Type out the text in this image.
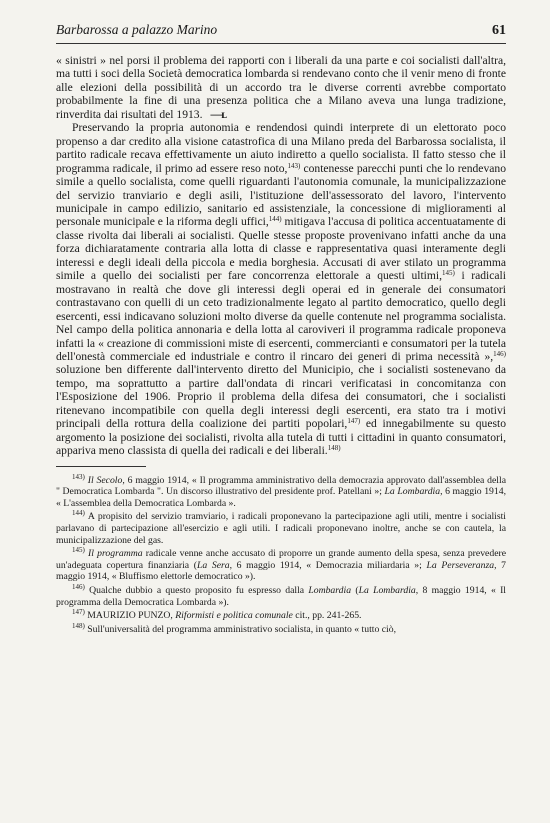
Barbarossa a palazzo Marino	61

« sinistri » nel porsi il problema dei rapporti con i liberali da una parte e coi socialisti dall'altra, ma tutti i soci della Società democratica lombarda si rendevano conto che il venir meno di fronte alle elezioni della possibilità di un accordo tra le diverse correnti avrebbe comportato probabilmente la fine di una presenza politica che a Milano aveva una lunga tradizione, rinverdita dai risultati del 1913. —ʟ

Preservando la propria autonomia e rendendosi quindi interprete di un elettorato poco propenso a dar credito alla visione catastrofica di una Milano preda del Barbarossa socialista, il partito radicale recava effettivamente un aiuto indiretto a quello socialista. Il fatto stesso che il programma radicale, il primo ad essere reso noto,$^{143)}$ contenesse parecchi punti che lo rendevano simile a quello socialista, come quelli riguardanti l'autonomia comunale, la municipalizzazione del servizio tranviario e degli asili, l'istituzione dell'assessorato del lavoro, l'intervento municipale in campo edilizio, sanitario ed assistenziale, la concessione di miglioramenti al personale municipale e la riforma degli uffici,$^{144)}$ mitigava l'accusa di politica accentuatamente di classe rivolta dai liberali ai socialisti. Quelle stesse proposte provenivano infatti anche da una forza dichiaratamente contraria alla lotta di classe e rappresentativa quasi interamente degli interessi e degli ideali della piccola e media borghesia. Accusati di aver stilato un programma simile a quello dei socialisti per fare concorrenza elettorale a questi ultimi,$^{145)}$ i radicali mostravano in realtà che dove gli interessi degli operai ed in generale dei consumatori contrastavano con quelli di un ceto tradizionalmente legato al partito democratico, quello degli esercenti, essi indicavano soluzioni molto diverse da quelle contenute nel programma socialista. Nel campo della politica annonaria e della lotta al caroviveri il programma radicale proponeva infatti la « creazione di commissioni miste di esercenti, commercianti e consumatori per la tutela dell'onestà commerciale ed industriale e contro il rincaro dei generi di prima necessità »,$^{146)}$ soluzione ben differente dall'intervento diretto del Municipio, che i socialisti sostenevano da tempo, ma soprattutto a partire dall'ondata di rincari verificatasi in concomitanza con l'Esposizione del 1906. Proprio il problema della difesa dei consumatori, che i socialisti ritenevano incompatibile con quella degli interessi degli esercenti, era stato tra i motivi principali della rottura della coalizione dei partiti popolari,$^{147)}$ ed innegabilmente su questo argomento la posizione dei socialisti, rivolta alla tutela di tutti i cittadini in quanto consumatori, appariva meno classista di quella dei radicali e dei liberali.$^{148)}$

$^{143)}$ Il Secolo, 6 maggio 1914, « Il programma amministrativo della democrazia approvato dall'assemblea della " Democratica Lombarda ". Un discorso illustrativo del presidente prof. Patellani »; La Lombardia, 6 maggio 1914, « L'assemblea della Democratica Lombarda ».

$^{144)}$ A propisito del servizio tramviario, i radicali proponevano la partecipazione agli utili, mentre i socialisti parlavano di partecipazione all'esercizio e agli utili. I radicali proponevano inoltre, anche se con cautela, la municipalizzazione del gas.

$^{145)}$ Il programma radicale venne anche accusato di proporre un grande aumento della spesa, senza prevedere un'adeguata copertura finanziaria (La Sera, 6 maggio 1914, « Democrazia miliardaria »; La Perseveranza, 7 maggio 1914, « Bluffismo elettorle democratico »).

$^{146)}$ Qualche dubbio a questo proposito fu espresso dalla Lombardia (La Lombardia, 8 maggio 1914, « Il programma della Democratica Lombarda »).

$^{147)}$ MAURIZIO PUNZO, Riformisti e politica comunale cit., pp. 241-265.

$^{148)}$ Sull'universalità del programma amministrativo socialista, in quanto « tutto ciò,
